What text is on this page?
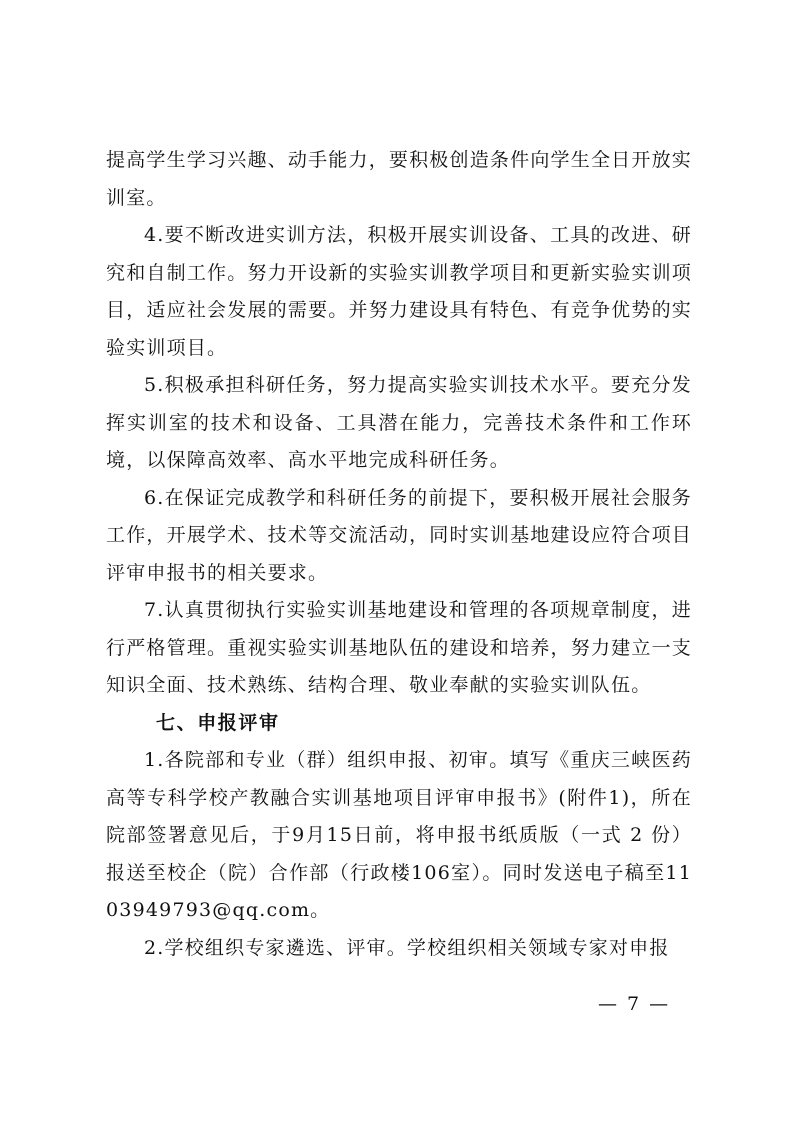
提高学生学习兴趣、动手能力，要积极创造条件向学生全日开放实训室。

4.要不断改进实训方法，积极开展实训设备、工具的改进、研究和自制工作。努力开设新的实验实训教学项目和更新实验实训项目，适应社会发展的需要。并努力建设具有特色、有竞争优势的实验实训项目。

5.积极承担科研任务，努力提高实验实训技术水平。要充分发挥实训室的技术和设备、工具潜在能力，完善技术条件和工作环境，以保障高效率、高水平地完成科研任务。

6.在保证完成教学和科研任务的前提下，要积极开展社会服务工作，开展学术、技术等交流活动，同时实训基地建设应符合项目评审申报书的相关要求。

7.认真贯彻执行实验实训基地建设和管理的各项规章制度，进行严格管理。重视实验实训基地队伍的建设和培养，努力建立一支知识全面、技术熟练、结构合理、敬业奉献的实验实训队伍。

七、申报评审

1.各院部和专业（群）组织申报、初审。填写《重庆三峡医药高等专科学校产教融合实训基地项目评审申报书》(附件1)，所在院部签署意见后，于9月15日前，将申报书纸质版（一式 2 份）报送至校企（院）合作部（行政楼106室）。同时发送电子稿至1103949793@qq.com。

2.学校组织专家遴选、评审。学校组织相关领域专家对申报

— 7 —
